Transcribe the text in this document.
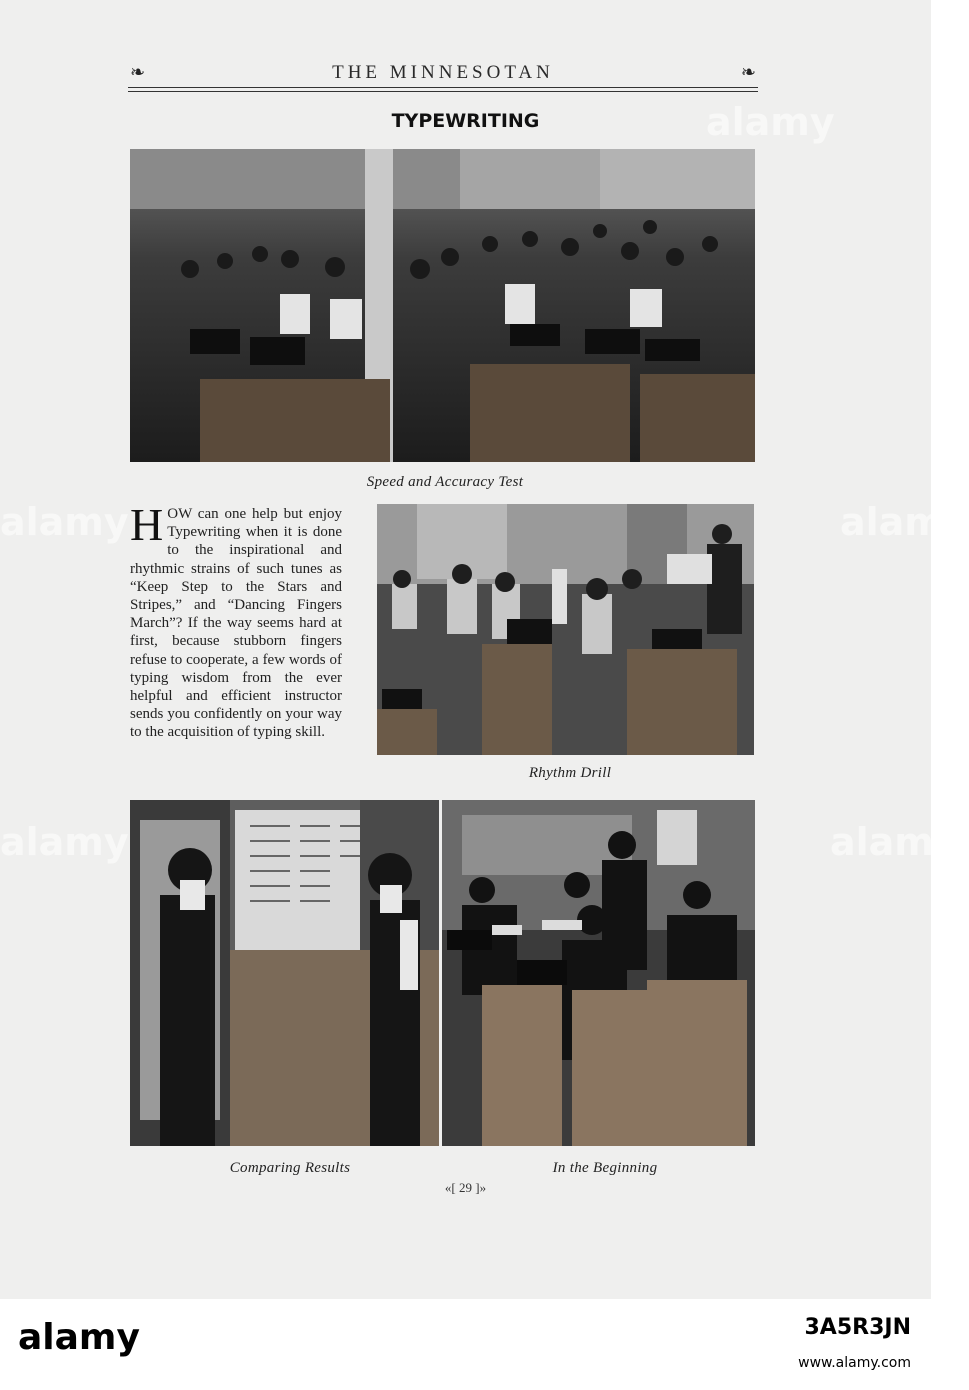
❧	THE MINNESOTAN	❧
TYPEWRITING
Speed and Accuracy Test
HOW can one help but enjoy Typewriting when it is done to the inspirational and rhythmic strains of such tunes as “Keep Step to the Stars and Stripes,” and “Dancing Fingers March”? If the way seems hard at first, because stubborn fingers refuse to cooperate, a few words of typing wisdom from the ever helpful and efficient instructor sends you confidently on your way to the acquisition of typing skill.
Rhythm Drill
Comparing Results	In the Beginning
«[ 29 ]»
alamy
alamy	alamy
alamy	alamy
alamy	3A5R3JN
www.alamy.com
